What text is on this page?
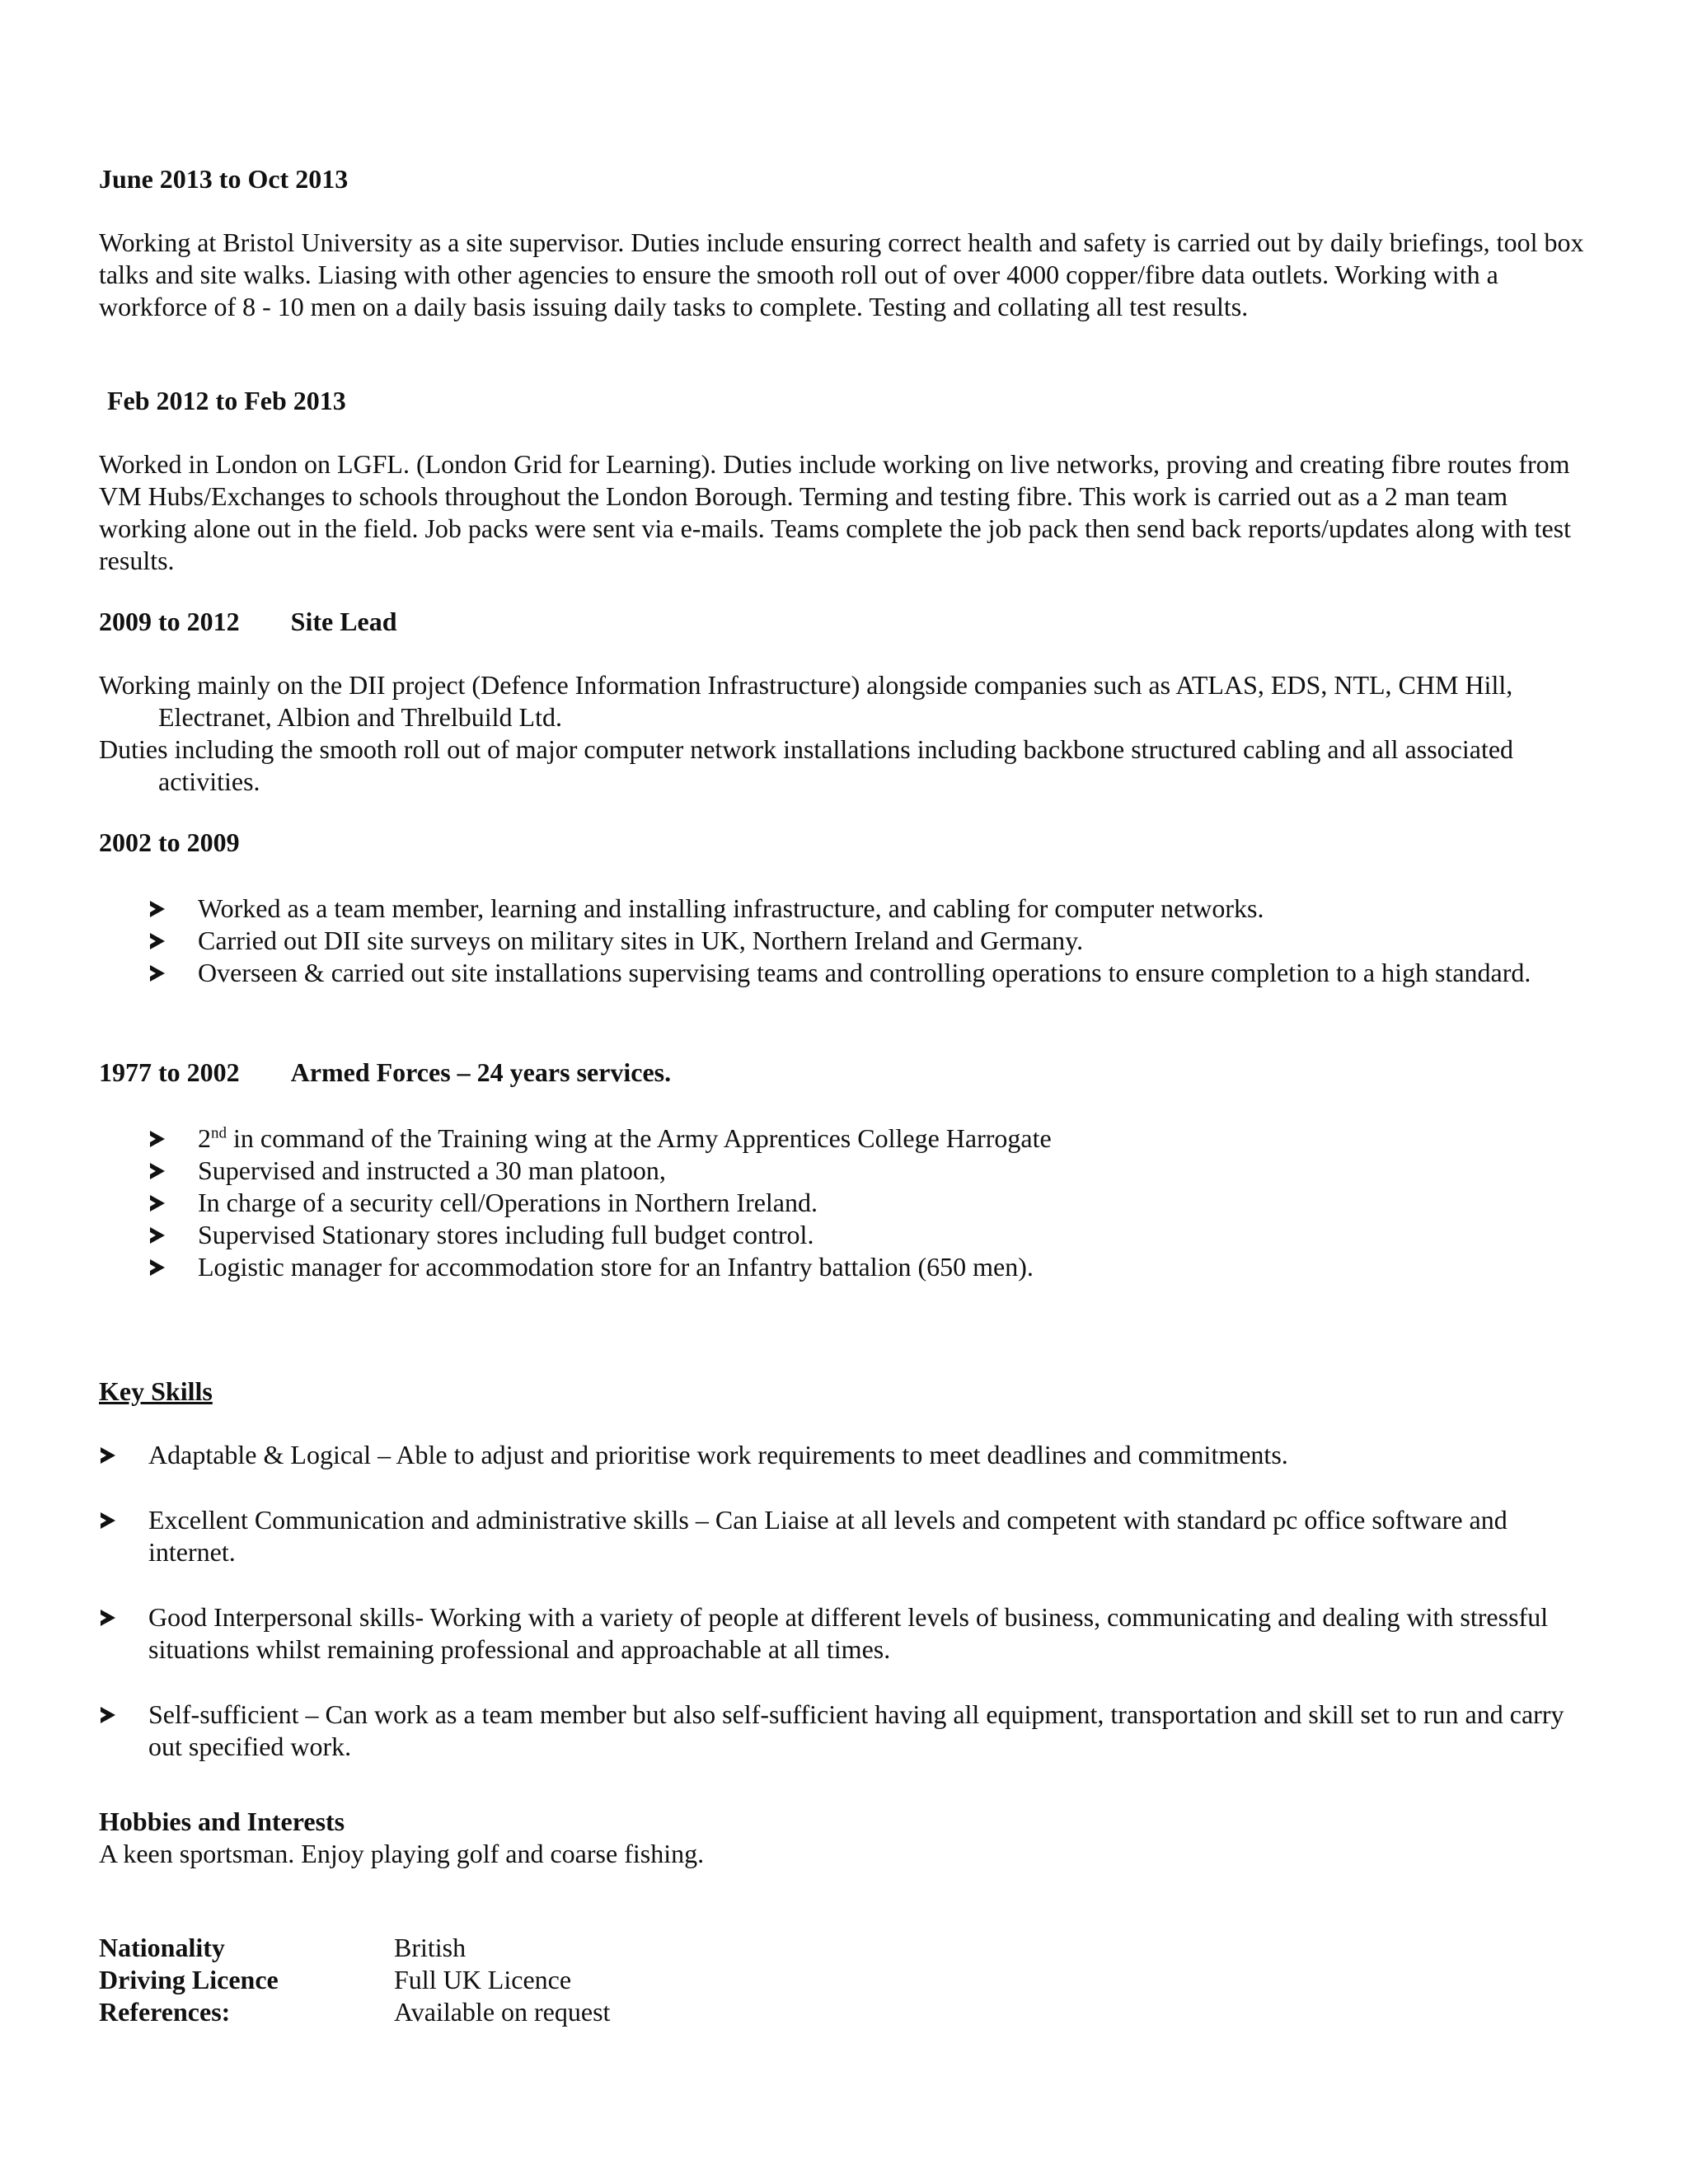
June 2013 to Oct 2013

Working at Bristol University as a site supervisor. Duties include ensuring correct health and safety is carried out by daily briefings, tool box talks and site walks. Liasing with other agencies to ensure the smooth roll out of over 4000 copper/fibre data outlets. Working with a workforce of 8 - 10 men on a daily basis issuing daily tasks to complete. Testing and collating all test results.

Feb 2012 to Feb 2013

Worked in London on LGFL. (London Grid for Learning). Duties include working on live networks, proving and creating fibre routes from VM Hubs/Exchanges to schools throughout the London Borough. Terming and testing fibre. This work is carried out as a 2 man team working alone out in the field. Job packs were sent via e-mails. Teams complete the job pack then send back reports/updates along with test results.

2009 to 2012 Site Lead

Working mainly on the DII project (Defence Information Infrastructure) alongside companies such as ATLAS, EDS, NTL, CHM Hill, Electranet, Albion and Threlbuild Ltd.

Duties including the smooth roll out of major computer network installations including backbone structured cabling and all associated activities.

2002 to 2009
Worked as a team member, learning and installing infrastructure, and cabling for computer networks.
Carried out DII site surveys on military sites in UK, Northern Ireland and Germany.
Overseen & carried out site installations supervising teams and controlling operations to ensure completion to a high standard.
1977 to 2002 Armed Forces – 24 years services.
2nd in command of the Training wing at the Army Apprentices College Harrogate
Supervised and instructed a 30 man platoon,
In charge of a security cell/Operations in Northern Ireland.
Supervised Stationary stores including full budget control.
Logistic manager for accommodation store for an Infantry battalion (650 men).
Key Skills
Adaptable & Logical – Able to adjust and prioritise work requirements to meet deadlines and commitments.
Excellent Communication and administrative skills – Can Liaise at all levels and competent with standard pc office software and internet.
Good Interpersonal skills- Working with a variety of people at different levels of business, communicating and dealing with stressful situations whilst remaining professional and approachable at all times.
Self-sufficient – Can work as a team member but also self-sufficient having all equipment, transportation and skill set to run and carry out specified work.

Hobbies and Interests

A keen sportsman. Enjoy playing golf and coarse fishing.

Nationality	British
Driving Licence	Full UK Licence
References:	Available on request
